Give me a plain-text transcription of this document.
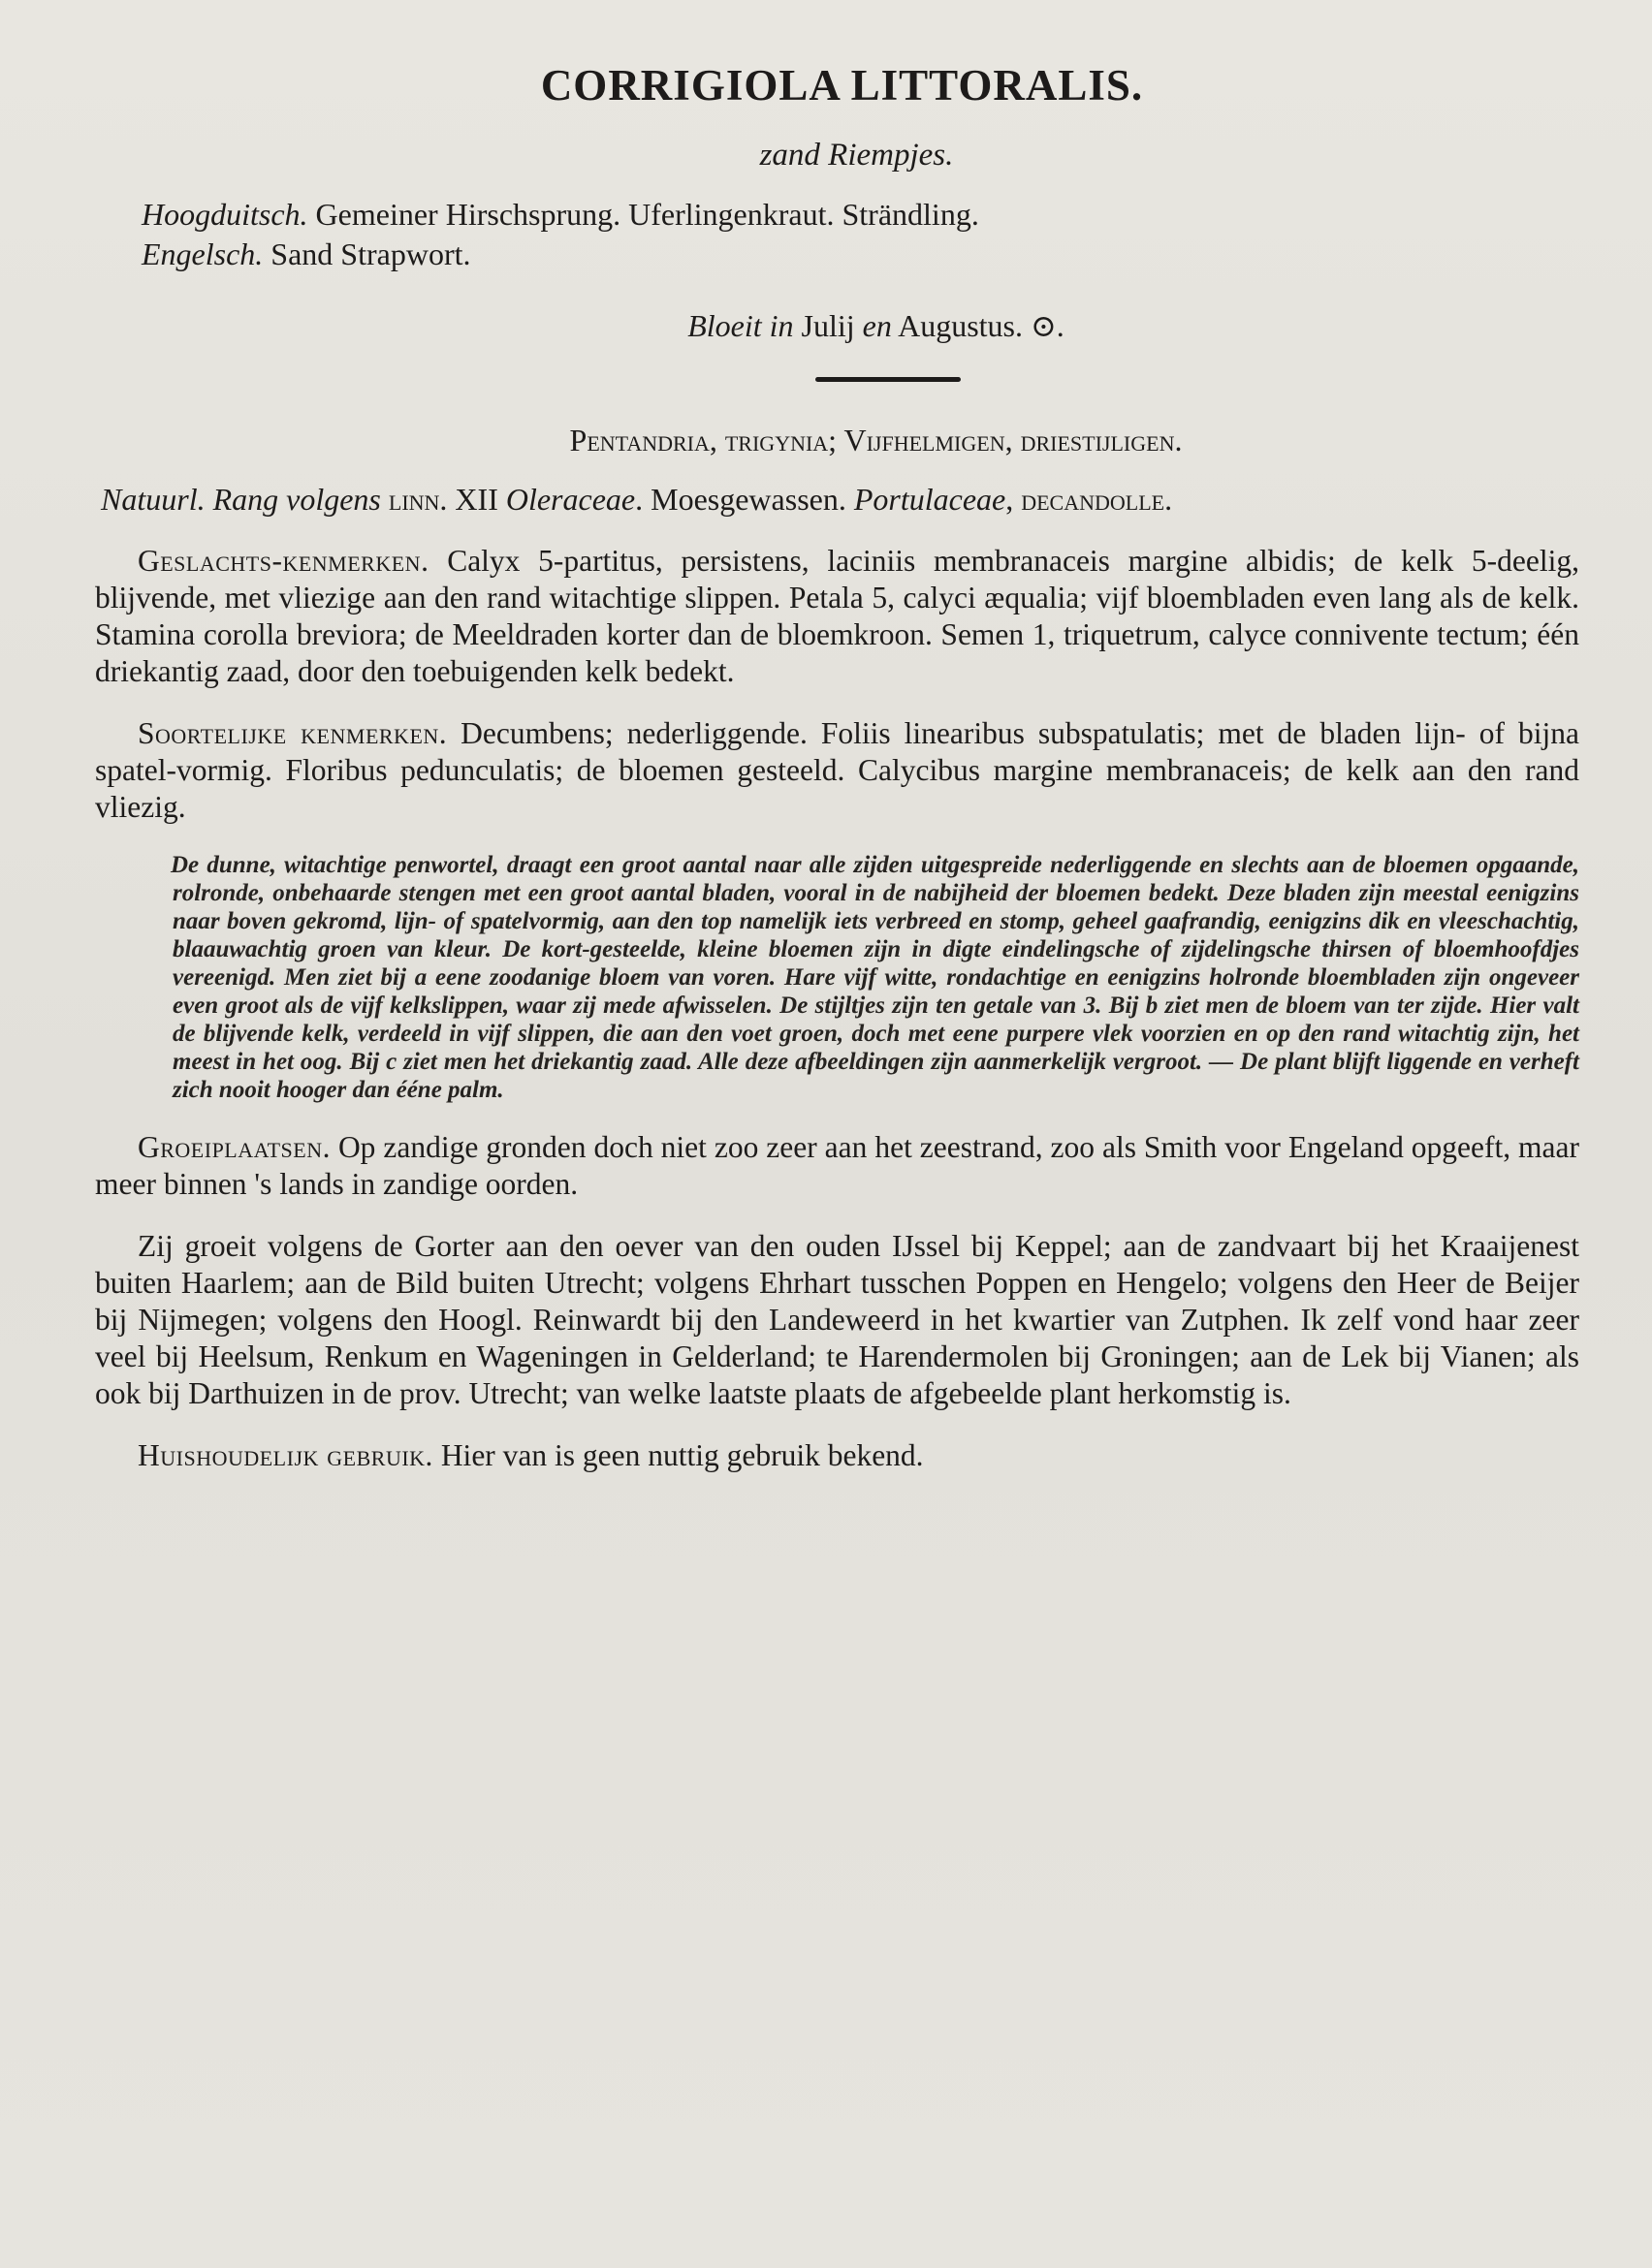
CORRIGIOLA LITTORALIS.
zand Riempjes.
Hoogduitsch. Gemeiner Hirschsprung. Uferlingenkraut. Strändling.
Engelsch. Sand Strapwort.
Bloeit in Julij en Augustus. ⊙.
Pentandria, trigynia; Vijfhelmigen, driestijligen.
Natuurl. Rang volgens linn. XII Oleraceae. Moesgewassen. Portulaceae, decandolle.
Geslachts-kenmerken. Calyx 5-partitus, persistens, laciniis membranaceis margine albidis; de kelk 5-deelig, blijvende, met vliezige aan den rand witachtige slippen. Petala 5, calyci æqualia; vijf bloembladen even lang als de kelk. Stamina corolla breviora; de Meeldraden korter dan de bloemkroon. Semen 1, triquetrum, calyce connivente tectum; één driekantig zaad, door den toebuigenden kelk bedekt.
Soortelijke kenmerken. Decumbens; nederliggende. Foliis linearibus subspatulatis; met de bladen lijn- of bijna spatel-vormig. Floribus pedunculatis; de bloemen gesteeld. Calycibus margine membranaceis; de kelk aan den rand vliezig.
De dunne, witachtige penwortel, draagt een groot aantal naar alle zijden uitgespreide nederliggende en slechts aan de bloemen opgaande, rolronde, onbehaarde stengen met een groot aantal bladen, vooral in de nabijheid der bloemen bedekt. Deze bladen zijn meestal eenigzins naar boven gekromd, lijn- of spatelvormig, aan den top namelijk iets verbreed en stomp, geheel gaafrandig, eenigzins dik en vleeschachtig, blaauwachtig groen van kleur. De kort-gesteelde, kleine bloemen zijn in digte eindelingsche of zijdelingsche thirsen of bloemhoofdjes vereenigd. Men ziet bij a eene zoodanige bloem van voren. Hare vijf witte, rondachtige en eenigzins holronde bloembladen zijn ongeveer even groot als de vijf kelkslippen, waar zij mede afwisselen. De stijltjes zijn ten getale van 3. Bij b ziet men de bloem van ter zijde. Hier valt de blijvende kelk, verdeeld in vijf slippen, die aan den voet groen, doch met eene purpere vlek voorzien en op den rand witachtig zijn, het meest in het oog. Bij c ziet men het driekantig zaad. Alle deze afbeeldingen zijn aanmerkelijk vergroot. — De plant blijft liggende en verheft zich nooit hooger dan ééne palm.
Groeiplaatsen. Op zandige gronden doch niet zoo zeer aan het zeestrand, zoo als Smith voor Engeland opgeeft, maar meer binnen 's lands in zandige oorden.
Zij groeit volgens de Gorter aan den oever van den ouden IJssel bij Keppel; aan de zandvaart bij het Kraaijenest buiten Haarlem; aan de Bild buiten Utrecht; volgens Ehrhart tusschen Poppen en Hengelo; volgens den Heer de Beijer bij Nijmegen; volgens den Hoogl. Reinwardt bij den Landeweerd in het kwartier van Zutphen. Ik zelf vond haar zeer veel bij Heelsum, Renkum en Wageningen in Gelderland; te Harendermolen bij Groningen; aan de Lek bij Vianen; als ook bij Darthuizen in de prov. Utrecht; van welke laatste plaats de afgebeelde plant herkomstig is.
Huishoudelijk gebruik. Hier van is geen nuttig gebruik bekend.
